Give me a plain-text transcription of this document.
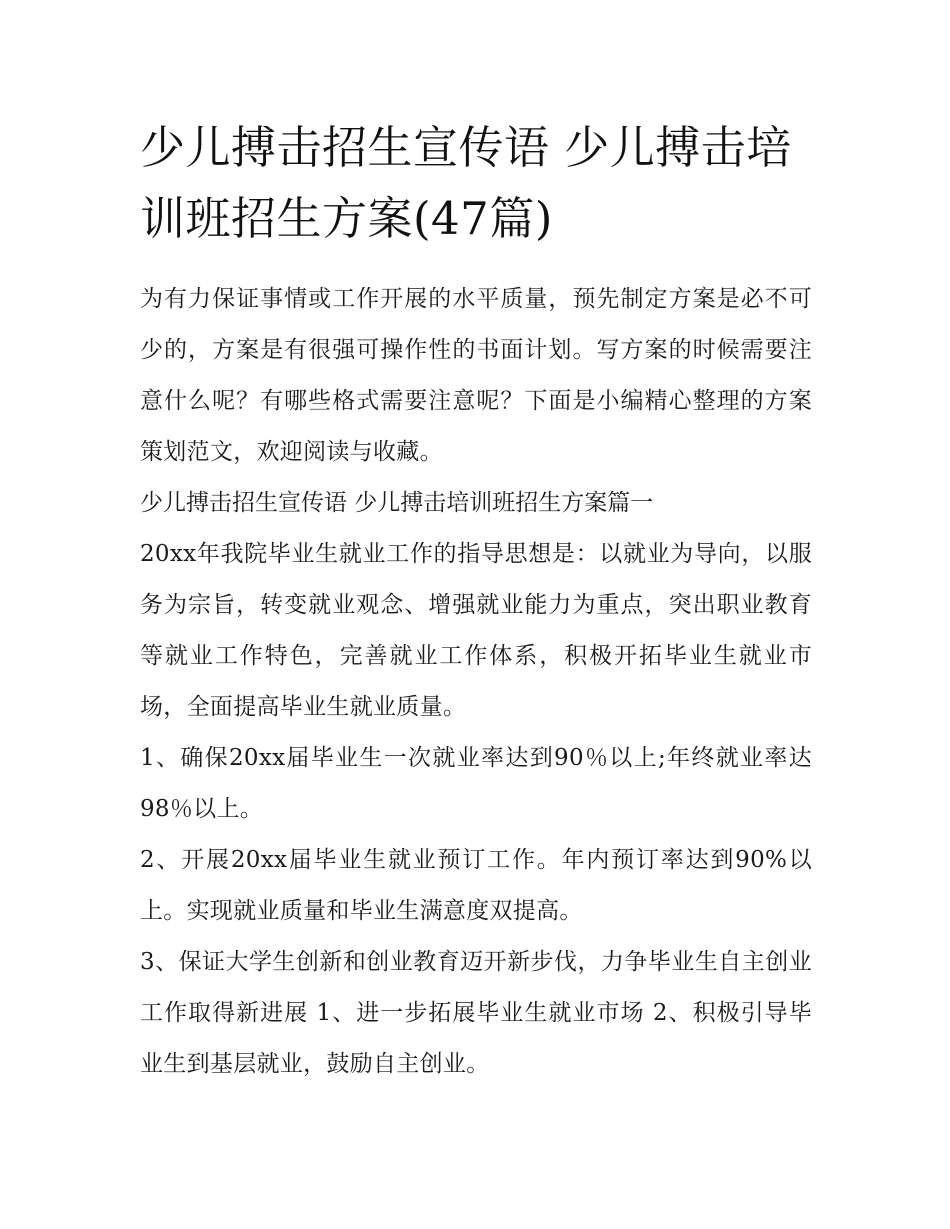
少儿搏击招生宣传语 少儿搏击培训班招生方案(47篇)

为有力保证事情或工作开展的水平质量，预先制定方案是必不可少的，方案是有很强可操作性的书面计划。写方案的时候需要注意什么呢？有哪些格式需要注意呢？下面是小编精心整理的方案策划范文，欢迎阅读与收藏。

少儿搏击招生宣传语 少儿搏击培训班招生方案篇一

20xx年我院毕业生就业工作的指导思想是：以就业为导向，以服务为宗旨，转变就业观念、增强就业能力为重点，突出职业教育等就业工作特色，完善就业工作体系，积极开拓毕业生就业市场，全面提高毕业生就业质量。

1、确保20xx届毕业生一次就业率达到90％以上;年终就业率达98％以上。

2、开展20xx届毕业生就业预订工作。年内预订率达到90%以上。实现就业质量和毕业生满意度双提高。

3、保证大学生创新和创业教育迈开新步伐，力争毕业生自主创业工作取得新进展 1、进一步拓展毕业生就业市场 2、积极引导毕业生到基层就业，鼓励自主创业。
